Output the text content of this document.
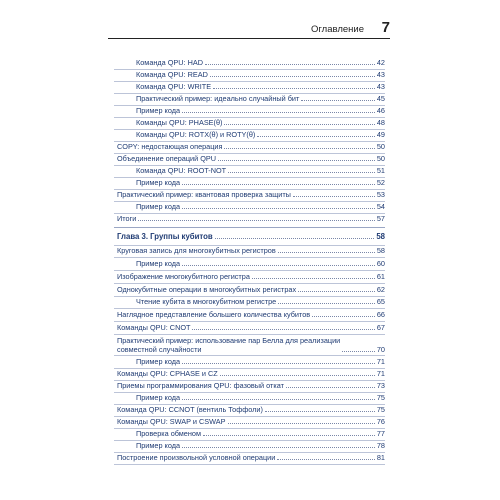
Оглавление 7
Команда QPU: HAD	42
Команда QPU: READ	43
Команда QPU: WRITE	43
Практический пример: идеально случайный бит	45
Пример кода	46
Команды QPU: PHASE(θ)	48
Команды QPU: ROTX(θ) и ROTY(θ)	49
COPY: недостающая операция	50
Объединение операций QPU	50
Команда QPU: ROOT-NOT	51
Пример кода	52
Практический пример: квантовая проверка защиты	53
Пример кода	54
Итоги	57
Глава 3. Группы кубитов	58
Круговая запись для многокубитных регистров	58
Пример кода	60
Изображение многокубитного регистра	61
Однокубитные операции в многокубитных регистрах	62
Чтение кубита в многокубитном регистре	65
Наглядное представление большего количества кубитов	66
Команды QPU: CNOT	67
Практический пример: использование пар Белла для реализации
совместной случайности	70
Пример кода	71
Команды QPU: CPHASE и CZ	71
Приемы программирования QPU: фазовый откат	73
Пример кода	75
Команда QPU: CCNOT (вентиль Тоффоли)	75
Команды QPU: SWAP и CSWAP	76
Проверка обменом	77
Пример кода	78
Построение произвольной условной операции	81
